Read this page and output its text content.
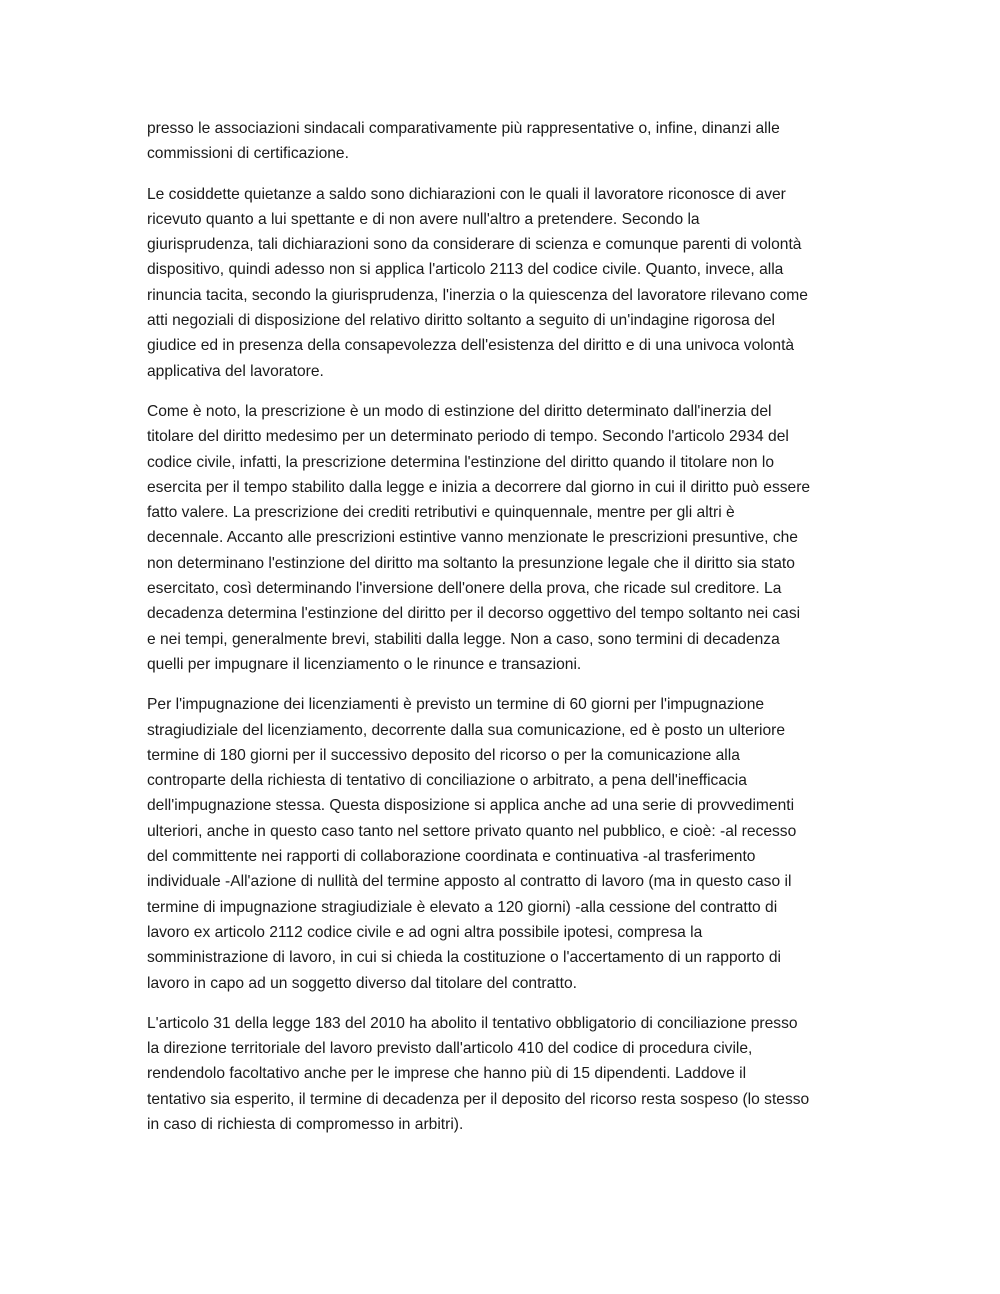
presso le associazioni sindacali comparativamente più rappresentative o, infine, dinanzi alle
commissioni di certificazione.

Le cosiddette quietanze a saldo sono dichiarazioni con le quali il lavoratore riconosce di aver
ricevuto quanto a lui spettante e di non avere null'altro a pretendere. Secondo la
giurisprudenza, tali dichiarazioni sono da considerare di scienza e comunque parenti di volontà
dispositivo, quindi adesso non si applica l'articolo 2113 del codice civile. Quanto, invece, alla
rinuncia tacita, secondo la giurisprudenza, l'inerzia o la quiescenza del lavoratore rilevano come
atti negoziali di disposizione del relativo diritto soltanto a seguito di un'indagine rigorosa del
giudice ed in presenza della consapevolezza dell'esistenza del diritto e di una univoca volontà
applicativa del lavoratore.

Come è noto, la prescrizione è un modo di estinzione del diritto determinato dall'inerzia del
titolare del diritto medesimo per un determinato periodo di tempo. Secondo l'articolo 2934 del
codice civile, infatti, la prescrizione determina l'estinzione del diritto quando il titolare non lo
esercita per il tempo stabilito dalla legge e inizia a decorrere dal giorno in cui il diritto può essere
fatto valere. La prescrizione dei crediti retributivi e quinquennale, mentre per gli altri è
decennale. Accanto alle prescrizioni estintive vanno menzionate le prescrizioni presuntive, che
non determinano l'estinzione del diritto ma soltanto la presunzione legale che il diritto sia stato
esercitato, così determinando l'inversione dell'onere della prova, che ricade sul creditore. La
decadenza determina l'estinzione del diritto per il decorso oggettivo del tempo soltanto nei casi
e nei tempi, generalmente brevi, stabiliti dalla legge. Non a caso, sono termini di decadenza
quelli per impugnare il licenziamento o le rinunce e transazioni.

Per l'impugnazione dei licenziamenti è previsto un termine di 60 giorni per l'impugnazione
stragiudiziale del licenziamento, decorrente dalla sua comunicazione, ed è posto un ulteriore
termine di 180 giorni per il successivo deposito del ricorso o per la comunicazione alla
controparte della richiesta di tentativo di conciliazione o arbitrato, a pena dell'inefficacia
dell'impugnazione stessa. Questa disposizione si applica anche ad una serie di provvedimenti
ulteriori, anche in questo caso tanto nel settore privato quanto nel pubblico, e cioè: -al recesso
del committente nei rapporti di collaborazione coordinata e continuativa -al trasferimento
individuale -All'azione di nullità del termine apposto al contratto di lavoro (ma in questo caso il
termine di impugnazione stragiudiziale è elevato a 120 giorni) -alla cessione del contratto di
lavoro ex articolo 2112 codice civile e ad ogni altra possibile ipotesi, compresa la
somministrazione di lavoro, in cui si chieda la costituzione o l'accertamento di un rapporto di
lavoro in capo ad un soggetto diverso dal titolare del contratto.

L'articolo 31 della legge 183 del 2010 ha abolito il tentativo obbligatorio di conciliazione presso
la direzione territoriale del lavoro previsto dall'articolo 410 del codice di procedura civile,
rendendolo facoltativo anche per le imprese che hanno più di 15 dipendenti. Laddove il
tentativo sia esperito, il termine di decadenza per il deposito del ricorso resta sospeso (lo stesso
in caso di richiesta di compromesso in arbitri).
